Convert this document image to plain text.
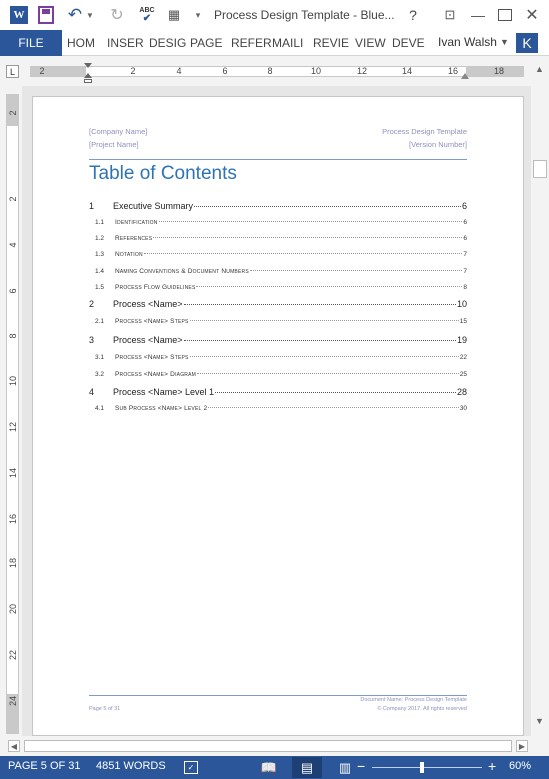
W	↶ ▼ ↻	ABC
✔ ▦	▾ Process Design Template - Blue...	?	⊡ —	✕
FILE	HOM INSER DESIG PAGE REFER MAILI REVIE VIEW DEVE Ivan Walsh ▼ K
L	2	2	4	6	8	10	12	14	16	18
2
2
4
6
8
10
12
14
16
18
20
22
24
[Company Name]
[Project Name]
Process Design Template
[Version Number]
Table of Contents
1	Executive Summary	6
1.1	Identification	6
1.2	References	6
1.3	Notation	7
1.4	Naming Conventions & Document Numbers	7
1.5	Process Flow Guidelines	8
2	Process <Name>	10
2.1	Process <Name> Steps	15
3	Process <Name>	19
3.1	Process <Name> Steps	22
3.2	Process <Name> Diagram	25
4	Process <Name> Level 1	28
4.1	Sub Process <Name> Level 2	30
Document Name: Process Design Template
Page 5 of 31	© Company 2017. All rights reserved
▲
▼
◀	▶
PAGE 5 OF 31 4851 WORDS	✓	📖	▤	▥ −	+ 60%
